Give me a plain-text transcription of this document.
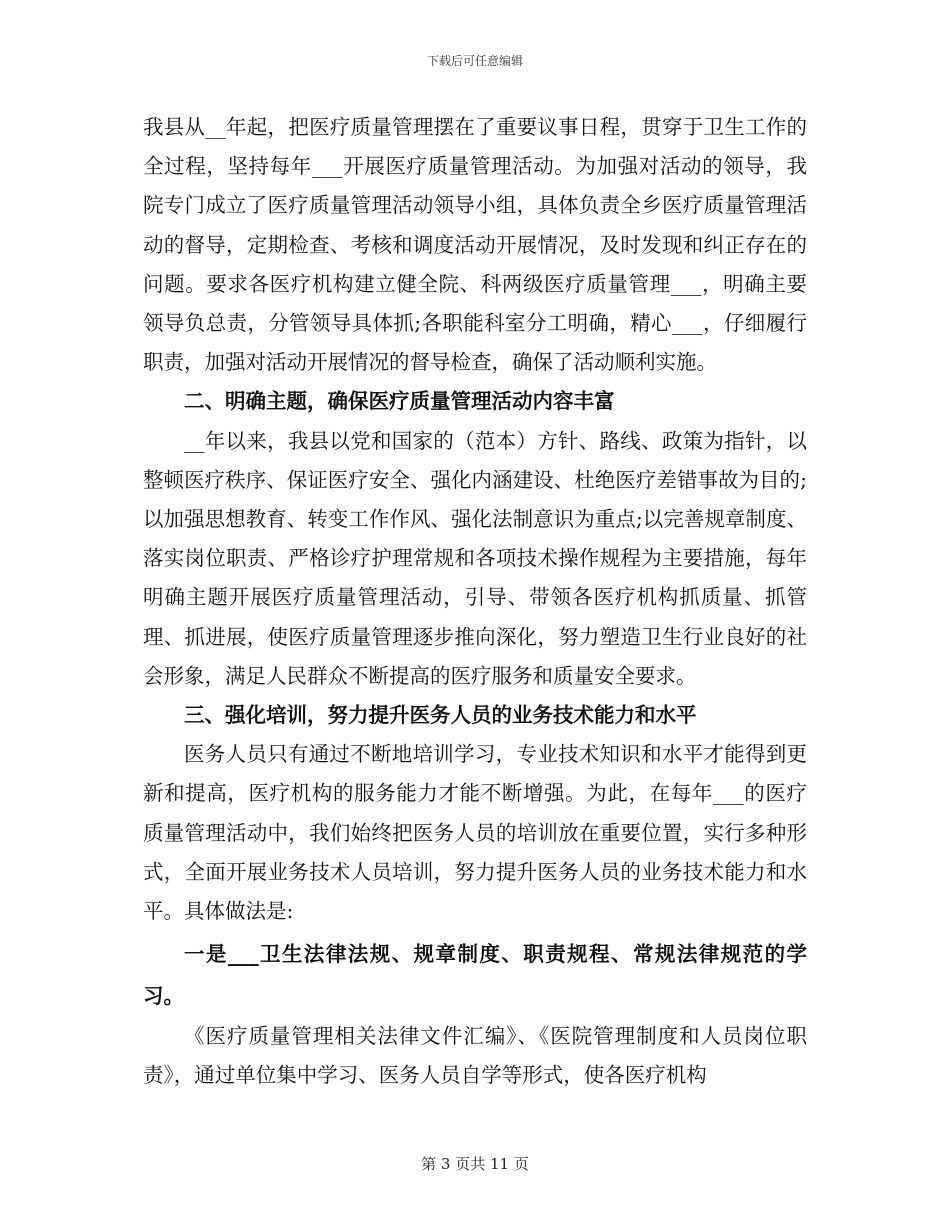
下载后可任意编辑

我县从__年起，把医疗质量管理摆在了重要议事日程，贯穿于卫生工作的全过程，坚持每年___开展医疗质量管理活动。为加强对活动的领导，我院专门成立了医疗质量管理活动领导小组，具体负责全乡医疗质量管理活动的督导，定期检查、考核和调度活动开展情况，及时发现和纠正存在的问题。要求各医疗机构建立健全院、科两级医疗质量管理___，明确主要领导负总责，分管领导具体抓;各职能科室分工明确，精心___，仔细履行职责，加强对活动开展情况的督导检查，确保了活动顺利实施。

二、明确主题，确保医疗质量管理活动内容丰富

__年以来，我县以党和国家的（范本）方针、路线、政策为指针，以整顿医疗秩序、保证医疗安全、强化内涵建设、杜绝医疗差错事故为目的;以加强思想教育、转变工作作风、强化法制意识为重点;以完善规章制度、落实岗位职责、严格诊疗护理常规和各项技术操作规程为主要措施，每年明确主题开展医疗质量管理活动，引导、带领各医疗机构抓质量、抓管理、抓进展，使医疗质量管理逐步推向深化，努力塑造卫生行业良好的社会形象，满足人民群众不断提高的医疗服务和质量安全要求。

三、强化培训，努力提升医务人员的业务技术能力和水平

医务人员只有通过不断地培训学习，专业技术知识和水平才能得到更新和提高，医疗机构的服务能力才能不断增强。为此，在每年___的医疗质量管理活动中，我们始终把医务人员的培训放在重要位置，实行多种形式，全面开展业务技术人员培训，努力提升医务人员的业务技术能力和水平。具体做法是:

一是___卫生法律法规、规章制度、职责规程、常规法律规范的学习。

《医疗质量管理相关法律文件汇编》、《医院管理制度和人员岗位职责》，通过单位集中学习、医务人员自学等形式，使各医疗机构

第 3 页共 11 页
